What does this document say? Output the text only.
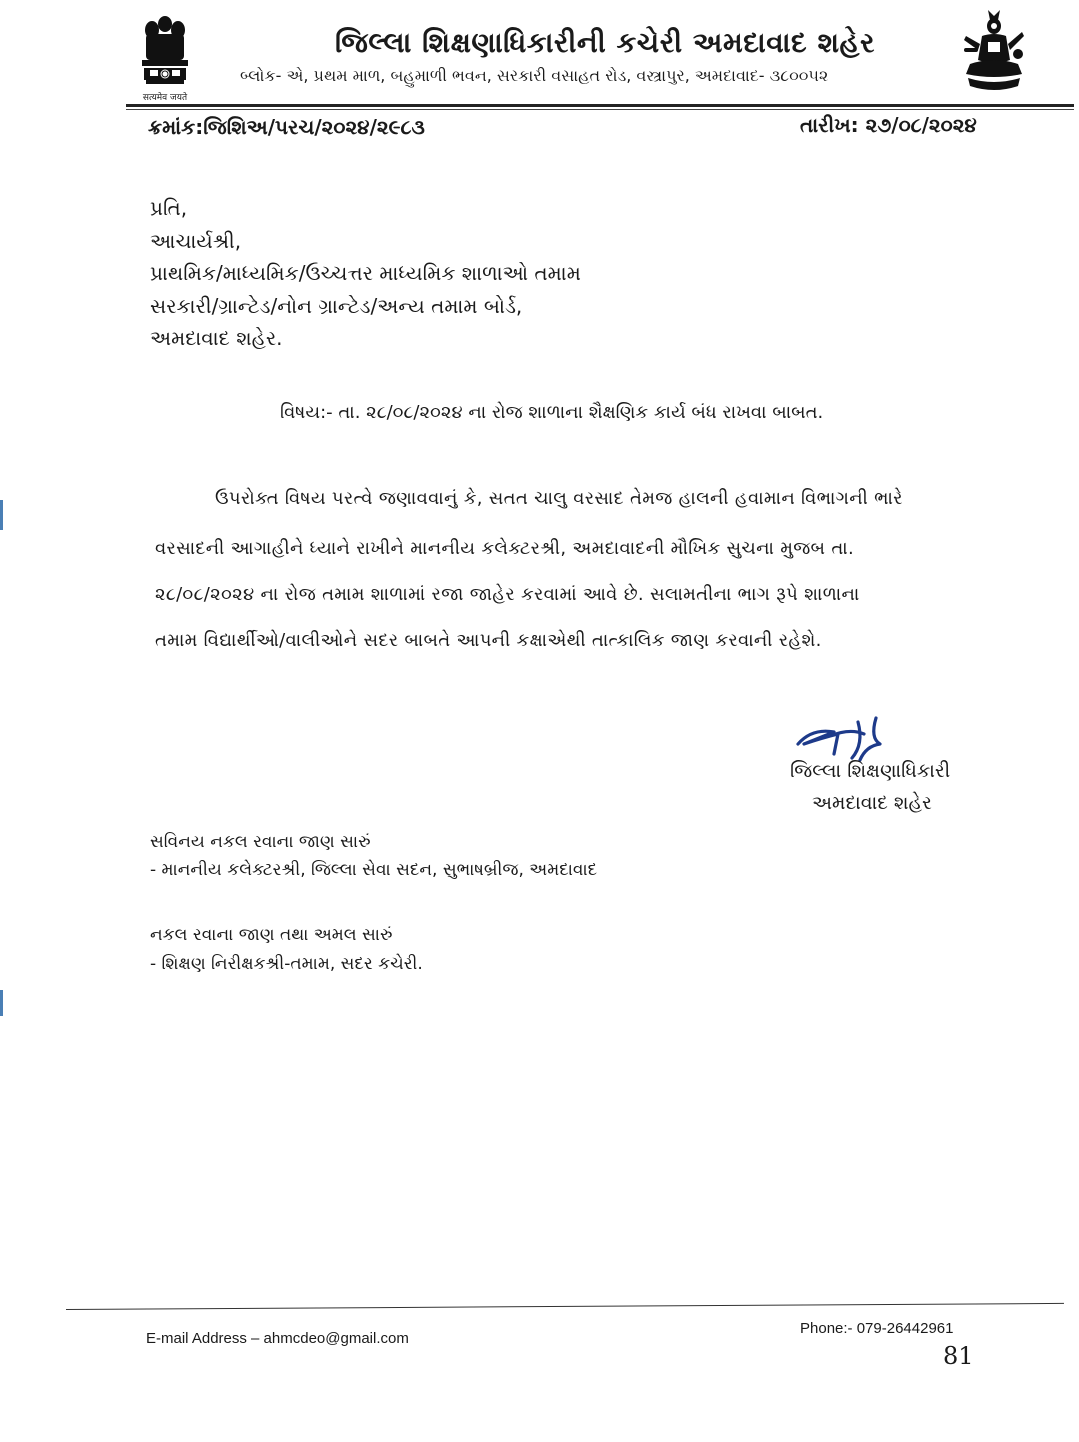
सत्यमेव जयते
જિલ્લા શિક્ષણાધિકારીની કચેરી અમદાવાદ શહેર
બ્લોક- એ, પ્રથમ માળ, બહુમાળી ભવન, સરકારી વસાહત રોડ, વસ્ત્રાપુર, અમદાવાદ- ૩૮૦૦૫૨
ક્રમાંક:જિશિઅ/પરચ/૨૦૨૪/૨૯૮૩	તારીખ: ૨૭/૦૮/૨૦૨૪
પ્રતિ,
આચાર્યશ્રી,
પ્રાથમિક/માધ્યમિક/ઉચ્ચત્તર માધ્યમિક શાળાઓ તમામ
સરકારી/ગ્રાન્ટેડ/નોન ગ્રાન્ટેડ/અન્ય તમામ બોર્ડ,
અમદાવાદ શહેર.
વિષય:- તા. ૨૮/૦૮/૨૦૨૪ ના રોજ શાળાના શૈક્ષણિક કાર્ય બંધ રાખવા બાબત.
ઉપરોક્ત વિષય પરત્વે જણાવવાનું કે, સતત ચાલુ વરસાદ તેમજ હાલની હવામાન વિભાગની ભારે
વરસાદની આગાહીને ધ્યાને રાખીને માનનીય કલેક્ટરશ્રી, અમદાવાદની મૌખિક સુચના મુજબ તા.
૨૮/૦૮/૨૦૨૪ ના રોજ તમામ શાળામાં રજા જાહેર કરવામાં આવે છે. સલામતીના ભાગ રૂપે શાળાના
તમામ વિદ્યાર્થીઓ/વાલીઓને સદર બાબતે આપની કક્ષાએથી તાત્કાલિક જાણ કરવાની રહેશે.
જિલ્લા શિક્ષણાધિકારી
અમદાવાદ શહેર
સવિનય નકલ રવાના જાણ સારું
- માનનીય કલેક્ટરશ્રી, જિલ્લા સેવા સદન, સુભાષબ્રીજ, અમદાવાદ
નકલ રવાના જાણ તથા અમલ સારું
- શિક્ષણ નિરીક્ષકશ્રી-તમામ, સદર કચેરી.
E-mail Address – ahmcdeo@gmail.com
Phone:- 079-26442961
81
